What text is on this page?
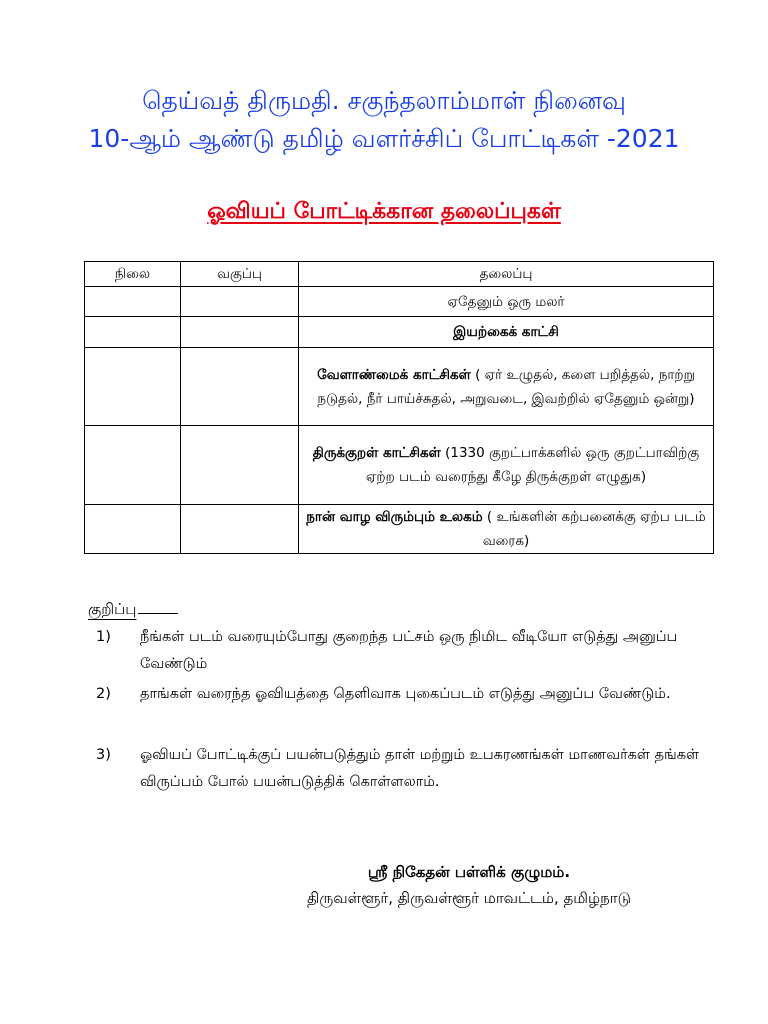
தெய்வத் திருமதி. சகுந்தலாம்மாள் நினைவு
10-ஆம் ஆண்டு தமிழ் வளர்ச்சிப் போட்டிகள் -2021
ஓவியப் போட்டிக்கான தலைப்புகள்
நிலை	வகுப்பு	தலைப்பு
		ஏதேனும் ஒரு மலர்
		இயற்கைக் காட்சி
		வேளாண்மைக் காட்சிகள் ( ஏர் உழுதல், களை பறித்தல், நாற்று நடுதல், நீர் பாய்ச்சுதல், அறுவடை, இவற்றில் ஏதேனும் ஒன்று)
		திருக்குறள் காட்சிகள் (1330 குறட்பாக்களில் ஒரு குறட்பாவிற்கு ஏற்ற படம் வரைந்து கீழே திருக்குறள் எழுதுக)
		நான் வாழ விரும்பும் உலகம் ( உங்களின் கற்பனைக்கு ஏற்ப படம் வரைக)
குறிப்பு
1) நீங்கள் படம் வரையும்போது குறைந்த பட்சம் ஒரு நிமிட வீடியோ எடுத்து அனுப்ப வேண்டும்
2) தாங்கள் வரைந்த ஓவியத்தை தெளிவாக புகைப்படம் எடுத்து அனுப்ப வேண்டும்.
3) ஓவியப் போட்டிக்குப் பயன்படுத்தும் தாள் மற்றும் உபகரணங்கள் மாணவர்கள் தங்கள் விருப்பம் போல் பயன்படுத்திக் கொள்ளலாம்.
ஸ்ரீ நிகேதன் பள்ளிக் குழுமம்.
திருவள்ளூர், திருவள்ளூர் மாவட்டம், தமிழ்நாடு
